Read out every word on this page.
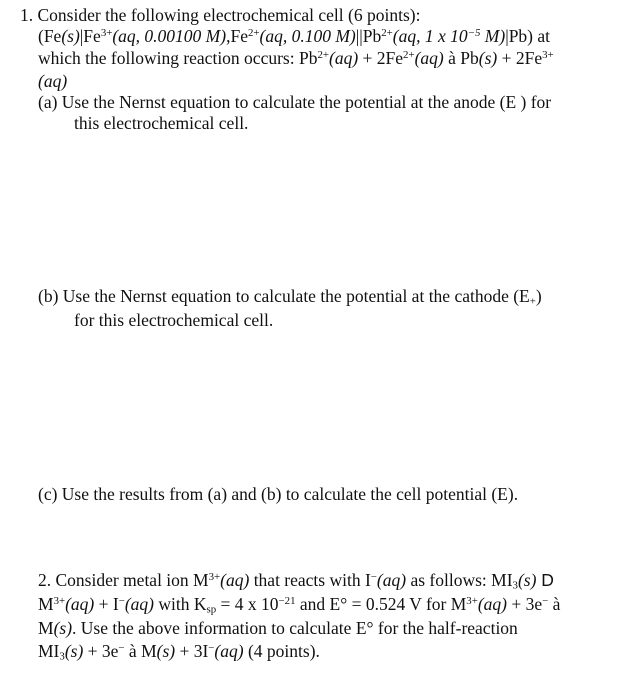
1. Consider the following electrochemical cell (6 points):
($Fe(s)|Fe^{3+}(aq$, 0.00100 $M),Fe^{2+}(aq$, 0.100 $M)||Pb^{2+}(aq$, 1 x $10^{-5}$ M)|Pb) at
which the following reaction occurs: $Pb^{2+}(aq) + 2Fe^{2+}(aq)$ à $Pb(s) + 2Fe^{3+}$
(aq)
(a) Use the Nernst equation to calculate the potential at the anode (E ) for
this electrochemical cell.
(b) Use the Nernst equation to calculate the potential at the cathode $(E_+)$
for this electrochemical cell.
(c) Use the results from (a) and (b) to calculate the cell potential (E).
2. Consider metal ion $M^{3+}(aq)$ that reacts with I−(aq) as follows: $MI_3(s)$ D
$M^{3+}(aq) + I^-(aq)$ with $K_{sp} = 4$ x $10^{-21}$ and E° = 0.524 V for $M^{3+}(aq) + 3e^-$ à
M(s). Use the above information to calculate E° for the half-reaction
$MI_3(s) + 3e^-$ à M(s) + 3I−(aq) (4 points).
